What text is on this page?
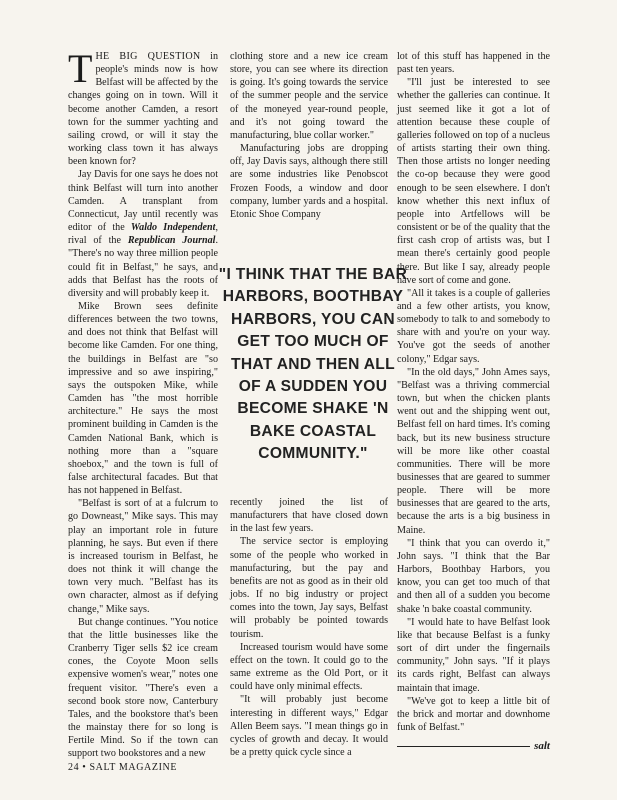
THE BIG QUESTION in people's minds now is how Belfast will be affected by the changes going on in town. Will it become another Camden, a resort town for the summer yachting and sailing crowd, or will it stay the working class town it has always been known for?

Jay Davis for one says he does not think Belfast will turn into another Camden. A transplant from Connecticut, Jay until recently was editor of the Waldo Independent, rival of the Republican Journal. "There's no way three million people could fit in Belfast," he says, and adds that Belfast has the roots of diversity and will probably keep it.

Mike Brown sees definite differences between the two towns, and does not think that Belfast will become like Camden. For one thing, the buildings in Belfast are "so impressive and so awe inspiring," says the outspoken Mike, while Camden has "the most horrible architecture." He says the most prominent building in Camden is the Camden National Bank, which is nothing more than a "square shoebox," and the town is full of false architectural facades. But that has not happened in Belfast.

"Belfast is sort of at a fulcrum to go Downeast," Mike says. This may play an important role in future planning, he says. But even if there is increased tourism in Belfast, he does not think it will change the town very much. "Belfast has its own character, almost as if defying change," Mike says.

But change continues. "You notice that the little businesses like the Cranberry Tiger sells $2 ice cream cones, the Coyote Moon sells expensive women's wear," notes one frequent visitor. "There's even a second book store now, Canterbury Tales, and the bookstore that's been the mainstay there for so long is Fertile Mind. So if the town can support two bookstores and a new

clothing store and a new ice cream store, you can see where its direction is going. It's going towards the service of the summer people and the service of the moneyed year-round people, and it's not going toward the manufacturing, blue collar worker."

Manufacturing jobs are dropping off, Jay Davis says, although there still are some industries like Penobscot Frozen Foods, a window and door company, lumber yards and a hospital. Etonic Shoe Company

recently joined the list of manufacturers that have closed down in the last few years.

The service sector is employing some of the people who worked in manufacturing, but the pay and benefits are not as good as in their old jobs. If no big industry or project comes into the town, Jay says, Belfast will probably be pointed towards tourism.

Increased tourism would have some effect on the town. It could go to the same extreme as the Old Port, or it could have only minimal effects.

"It will probably just become interesting in different ways," Edgar Allen Beem says. "I mean things go in cycles of growth and decay. It would be a pretty quick cycle since a

"I THINK THAT THE BAR HARBORS, BOOTHBAY HARBORS, YOU CAN GET TOO MUCH OF THAT AND THEN ALL OF A SUDDEN YOU BECOME SHAKE 'N BAKE COASTAL COMMUNITY."

lot of this stuff has happened in the past ten years.

"I'll just be interested to see whether the galleries can continue. It just seemed like it got a lot of attention because these couple of galleries followed on top of a nucleus of artists starting their own thing. Then those artists no longer needing the co-op because they were good enough to be seen elsewhere. I don't know whether this next influx of people into Artfellows will be consistent or be of the quality that the first cash crop of artists was, but I mean there's certainly good people there. But like I say, already people have sort of come and gone.

"All it takes is a couple of galleries and a few other artists, you know, somebody to talk to and somebody to share with and you're on your way. You've got the seeds of another colony," Edgar says.

"In the old days," John Ames says, "Belfast was a thriving commercial town, but when the chicken plants went out and the shipping went out, Belfast fell on hard times. It's coming back, but its new business structure will be more like other coastal communities. There will be more businesses that are geared to summer people. There will be more businesses that are geared to the arts, because the arts is a big business in Maine.

"I think that you can overdo it," John says. "I think that the Bar Harbors, Boothbay Harbors, you know, you can get too much of that and then all of a sudden you become shake 'n bake coastal community.

"I would hate to have Belfast look like that because Belfast is a funky sort of dirt under the fingernails community," John says. "If it plays its cards right, Belfast can always maintain that image.

"We've got to keep a little bit of the brick and mortar and downhome funk of Belfast."

salt
24 • SALT MAGAZINE
